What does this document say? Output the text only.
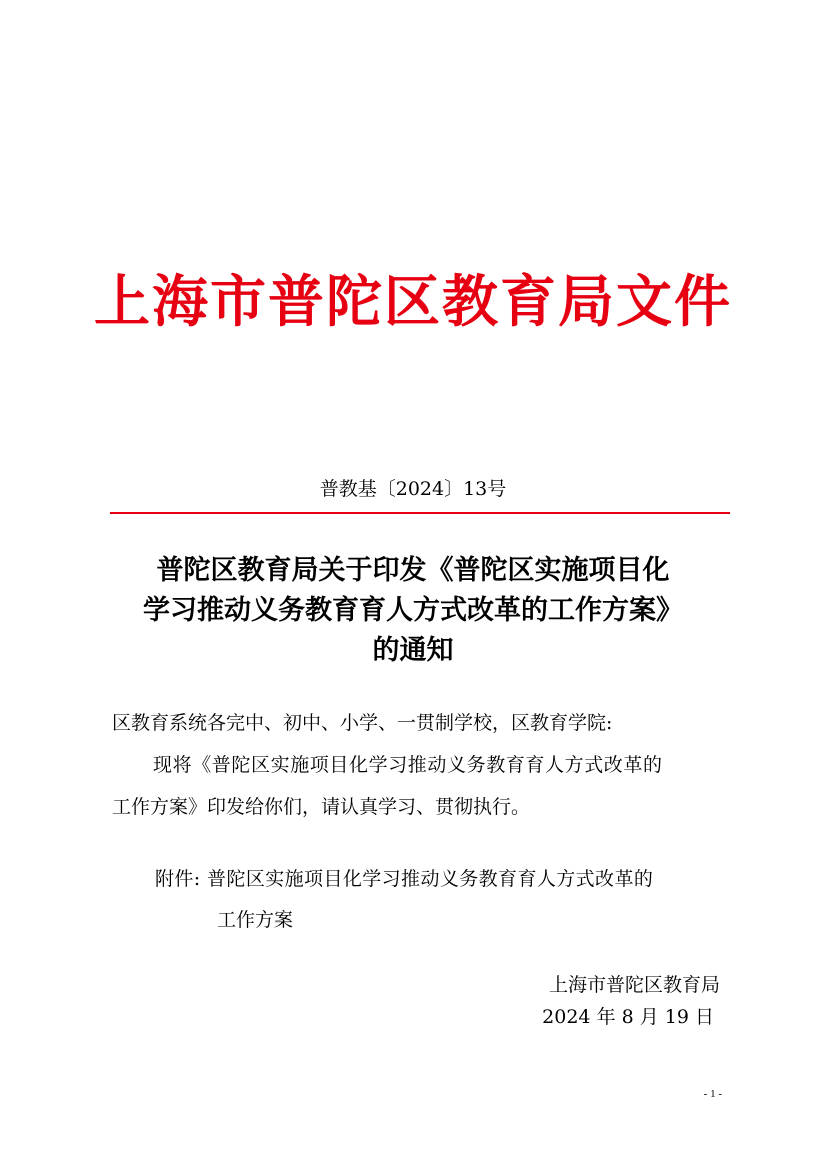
上海市普陀区教育局文件
普教基〔2024〕13号
普陀区教育局关于印发《普陀区实施项目化
学习推动义务教育育人方式改革的工作方案》
的通知
区教育系统各完中、初中、小学、一贯制学校，区教育学院:
现将《普陀区实施项目化学习推动义务教育育人方式改革的
工作方案》印发给你们，请认真学习、贯彻执行。
附件: 普陀区实施项目化学习推动义务教育育人方式改革的
工作方案
上海市普陀区教育局
2024 年 8 月 19 日
- 1 -
